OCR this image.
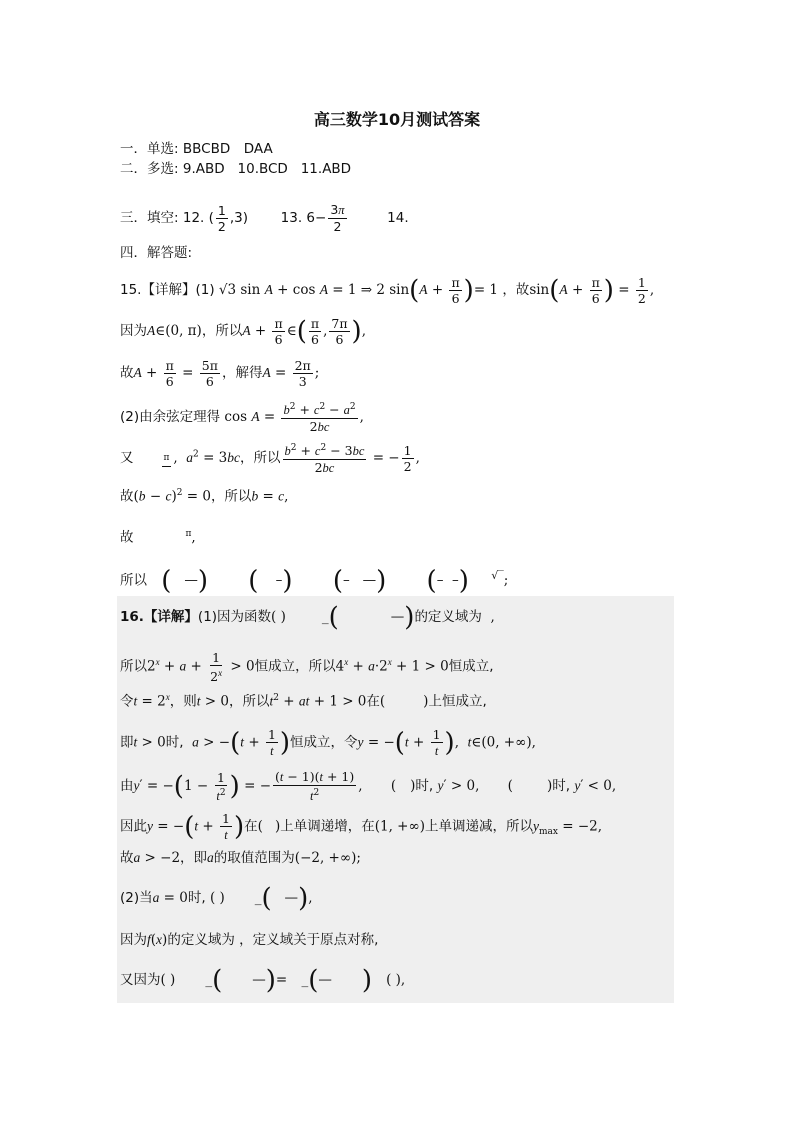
高三数学10月测试答案
一．单选: BBCBD　DAA
二．多选: 9.ABD 10.BCD 11.ABD
三．填空: 12. ( $\frac{1}{2} ,3$) 13. $6- \frac{3\pi}{2}$	14.
四．解答题:
15.【详解】(1) √3 sin A + cos A = 1 ⇒ 2 $\sin(A + \frac{\pi}{6}$ )= 1 ，故$\sin(A + \frac{\pi}{6}$ ) = $\frac{1}{2}$ ,
因为A∈(0, π)，所以$A + \frac{\pi}{6}$ ∈( $\frac{\pi}{6}$ , $\frac{7\pi}{6}$ ),
故$A + \frac{\pi}{6} = \frac{5\pi}{6}$ ，解得$A = \frac{2\pi}{3}$ ;
(2)由余弦定理得 $\cos A = \frac{b^2 + c^2 - a^2}{2bc}$ ,
又	π ,  $a^2 = 3bc$，所以 $\frac{b^2 + c^2 - 3bc}{2bc}$ = − $\frac{1}{2}$ ,
故$(b - c)^2 = 0$，所以b = c,
故	$^\pi$,
所以 (   —) (    –) (–   —) (–  –) √‾;
16.【详解】(1)因为函数( )	_(	—)的定义域为  ,
所以$2^x + a + \frac{1}{2^x} > 0$恒成立，所以$4^x + a\cdot 2^x + 1 > 0$恒成立,
令$t = 2^x$，则t > 0，所以$t^2$ + at + 1 > 0在(	)上恒成立,
即t > 0时, $a > -(t + \frac{1}{t}$ )恒成立，令$y = -(t + \frac{1}{t}$ ),  t∈(0, +∞),
由$y' = -(1 - \frac{1}{t^2}$ ) = − $\frac{(t - 1)(t + 1)}{t^2}$ , ( )时, y′ > 0, (	)时, y′ < 0,
因此$y = -(t + \frac{1}{t}$ )在( )上单调递增，在(1, +∞)上单调递减，所以$y_{max} = -2$,
故a > −2，即a的取值范围为(−2, +∞);
(2)当a = 0时, ( ) _(   —),
因为f(x)的定义域为 ，定义域关于原点对称,
又因为( ) _( —)= _(— ) ( ),
